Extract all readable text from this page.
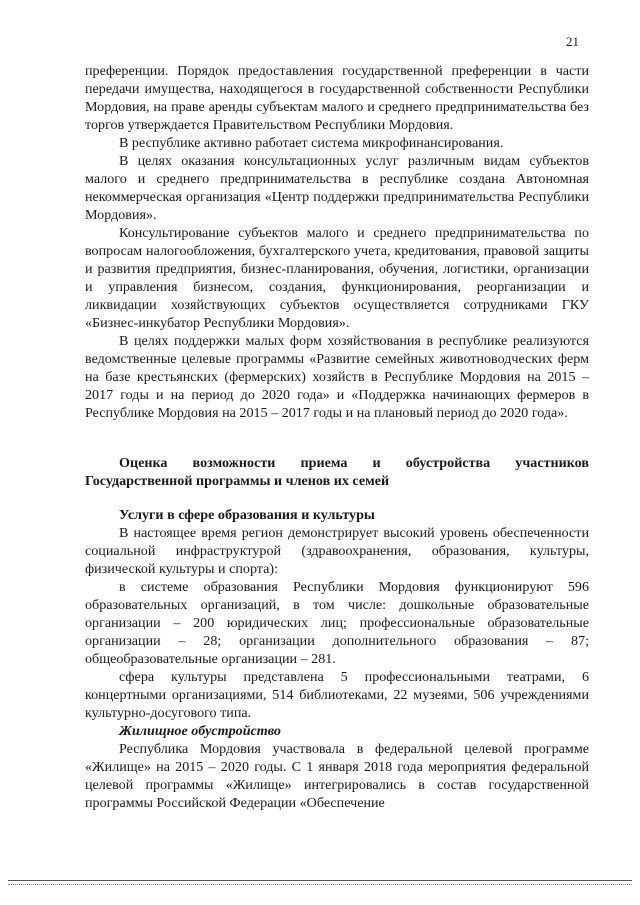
21

преференции. Порядок предоставления государственной преференции в части передачи имущества, находящегося в государственной собственности Республики Мордовия, на праве аренды субъектам малого и среднего предпринимательства без торгов утверждается Правительством Республики Мордовия.

В республике активно работает система микрофинансирования.

В целях оказания консультационных услуг различным видам субъектов малого и среднего предпринимательства в республике создана Автономная некоммерческая организация «Центр поддержки предпринимательства Республики Мордовия».

Консультирование субъектов малого и среднего предпринимательства по вопросам налогообложения, бухгалтерского учета, кредитования, правовой защиты и развития предприятия, бизнес-планирования, обучения, логистики, организации и управления бизнесом, создания, функционирования, реорганизации и ликвидации хозяйствующих субъектов осуществляется сотрудниками ГКУ «Бизнес-инкубатор Республики Мордовия».

В целях поддержки малых форм хозяйствования в республике реализуются ведомственные целевые программы «Развитие семейных животноводческих ферм на базе крестьянских (фермерских) хозяйств в Республике Мордовия на 2015 – 2017 годы и на период до 2020 года» и «Поддержка начинающих фермеров в Республике Мордовия на 2015 – 2017 годы и на плановый период до 2020 года».

Оценка возможности приема и обустройства участников Государственной программы и членов их семей

Услуги в сфере образования и культуры

В настоящее время регион демонстрирует высокий уровень обеспеченности социальной инфраструктурой (здравоохранения, образования, культуры, физической культуры и спорта):

в системе образования Республики Мордовия функционируют 596 образовательных организаций, в том числе: дошкольные образовательные организации – 200 юридических лиц; профессиональные образовательные организации – 28; организации дополнительного образования – 87; общеобразовательные организации – 281.

сфера культуры представлена 5 профессиональными театрами, 6 концертными организациями, 514 библиотеками, 22 музеями, 506 учреждениями культурно-досугового типа.

Жилищное обустройство

Республика Мордовия участвовала в федеральной целевой программе «Жилище» на 2015 – 2020 годы. С 1 января 2018 года мероприятия федеральной целевой программы «Жилище» интегрировались в состав государственной программы Российской Федерации «Обеспечение
